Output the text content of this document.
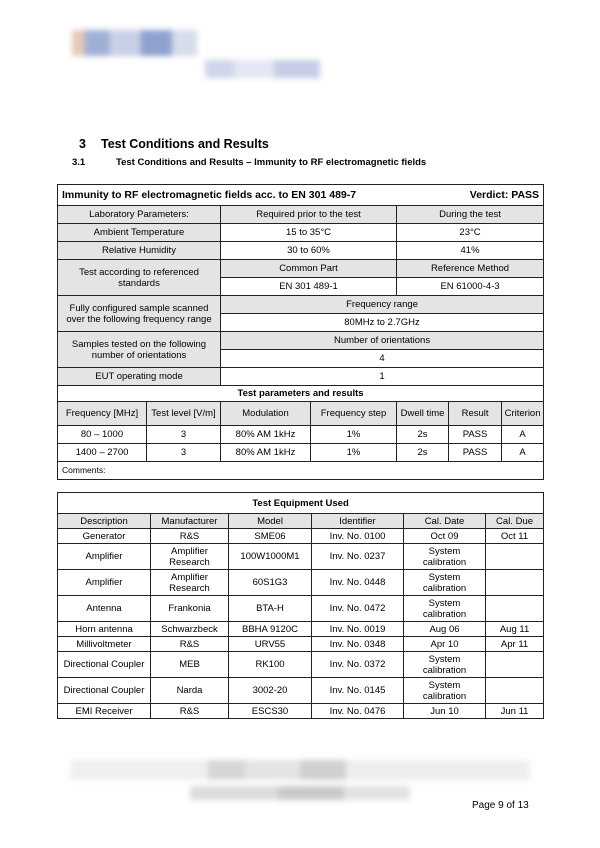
3 Test Conditions and Results
3.1	Test Conditions and Results – Immunity to RF electromagnetic fields
Immunity to RF electromagnetic fields acc. to EN 301 489-7					Verdict: PASS	
Laboratory Parameters:		Required prior to the test		During the test		
Ambient Temperature		15 to 35°C		23°C		
Relative Humidity		30 to 60%		41%		
Test according to referenced standards		Common Part		Reference Method		
		EN 301 489-1		EN 61000-4-3		
Fully configured sample scanned over the following frequency range		Frequency range				
		80MHz to 2.7GHz				
Samples tested on the following number of orientations		Number of orientations				
		4				
EUT operating mode		1				
Test parameters and results						
Frequency [MHz]	Test level [V/m]	Modulation	Frequency step	Dwell time	Result	Criterion
80 – 1000	3	80% AM 1kHz	1%	2s	PASS	A
1400 – 2700	3	80% AM 1kHz	1%	2s	PASS	A
Comments:						
Test Equipment Used					
Description	Manufacturer	Model	Identifier	Cal. Date	Cal. Due
Generator	R&S	SME06	Inv. No. 0100	Oct 09	Oct 11
Amplifier	Amplifier Research	100W1000M1	Inv. No. 0237	System calibration	
Amplifier	Amplifier Research	60S1G3	Inv. No. 0448	System calibration	
Antenna	Frankonia	BTA-H	Inv. No. 0472	System calibration	
Horn antenna	Schwarzbeck	BBHA 9120C	Inv. No. 0019	Aug 06	Aug 11
Millivoltmeter	R&S	URV55	Inv. No. 0348	Apr 10	Apr 11
Directional Coupler	MEB	RK100	Inv. No. 0372	System calibration	
Directional Coupler	Narda	3002-20	Inv. No. 0145	System calibration	
EMI Receiver	R&S	ESCS30	Inv. No. 0476	Jun 10	Jun 11
Page 9 of 13
